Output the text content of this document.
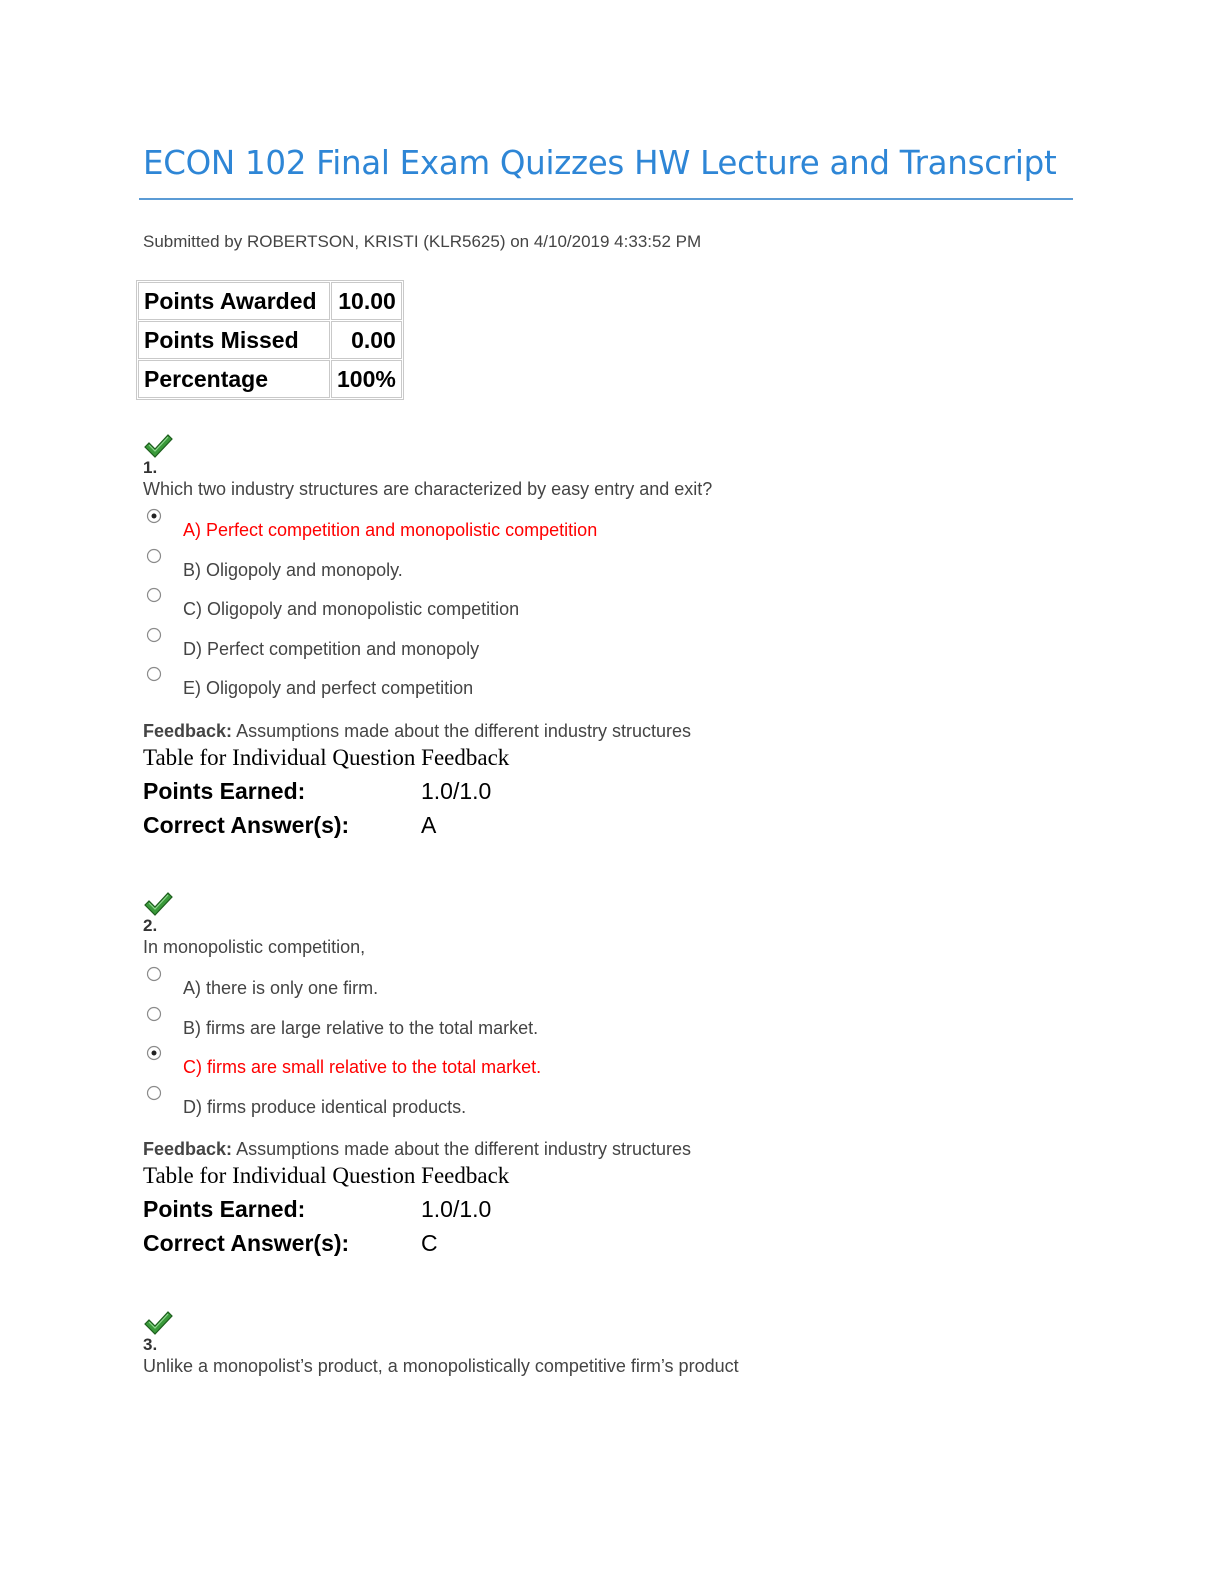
ECON 102 Final Exam Quizzes HW Lecture and Transcript
Submitted by ROBERTSON, KRISTI (KLR5625) on 4/10/2019 4:33:52 PM
Points Awarded	10.00
Points Missed	0.00
Percentage	100%
1.
Which two industry structures are characterized by easy entry and exit?
A) Perfect competition and monopolistic competition
B) Oligopoly and monopoly.
C) Oligopoly and monopolistic competition
D) Perfect competition and monopoly
E) Oligopoly and perfect competition
Feedback: Assumptions made about the different industry structures
Table for Individual Question Feedback
Points Earned:	1.0/1.0
Correct Answer(s):	A
2.
In monopolistic competition,
A) there is only one firm.
B) firms are large relative to the total market.
C) firms are small relative to the total market.
D) firms produce identical products.
Feedback: Assumptions made about the different industry structures
Table for Individual Question Feedback
Points Earned:	1.0/1.0
Correct Answer(s):	C
3.
Unlike a monopolist’s product, a monopolistically competitive firm’s product
